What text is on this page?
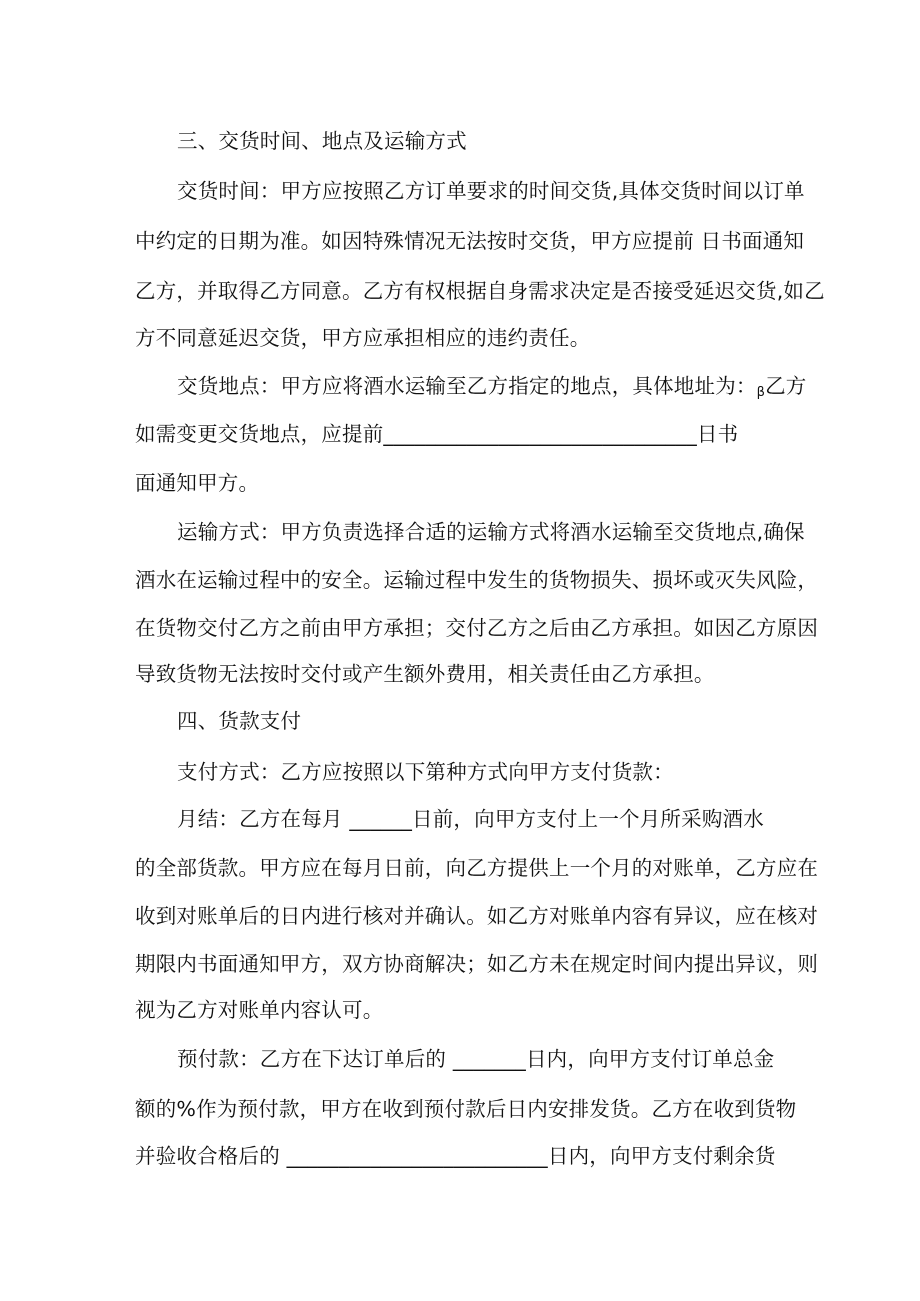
三、交货时间、地点及运输方式
交货时间：甲方应按照乙方订单要求的时间交货,具体交货时间以订单
中约定的日期为准。如因特殊情况无法按时交货，甲方应提前 日书面通知
乙方，并取得乙方同意。乙方有权根据自身需求决定是否接受延迟交货,如乙
方不同意延迟交货，甲方应承担相应的违约责任。
交货地点：甲方应将酒水运输至乙方指定的地点，具体地址为：β乙方
如需变更交货地点，应提前______________________________日书
面通知甲方。
运输方式：甲方负责选择合适的运输方式将酒水运输至交货地点,确保
酒水在运输过程中的安全。运输过程中发生的货物损失、损坏或灭失风险，
在货物交付乙方之前由甲方承担；交付乙方之后由乙方承担。如因乙方原因
导致货物无法按时交付或产生额外费用，相关责任由乙方承担。
四、货款支付
支付方式：乙方应按照以下第种方式向甲方支付货款：
月结：乙方在每月 ______日前，向甲方支付上一个月所采购酒水
的全部货款。甲方应在每月日前，向乙方提供上一个月的对账单，乙方应在
收到对账单后的日内进行核对并确认。如乙方对账单内容有异议，应在核对
期限内书面通知甲方，双方协商解决；如乙方未在规定时间内提出异议，则
视为乙方对账单内容认可。
预付款：乙方在下达订单后的 _______日内，向甲方支付订单总金
额的%作为预付款，甲方在收到预付款后日内安排发货。乙方在收到货物
并验收合格后的 _________________________日内，向甲方支付剩余货
